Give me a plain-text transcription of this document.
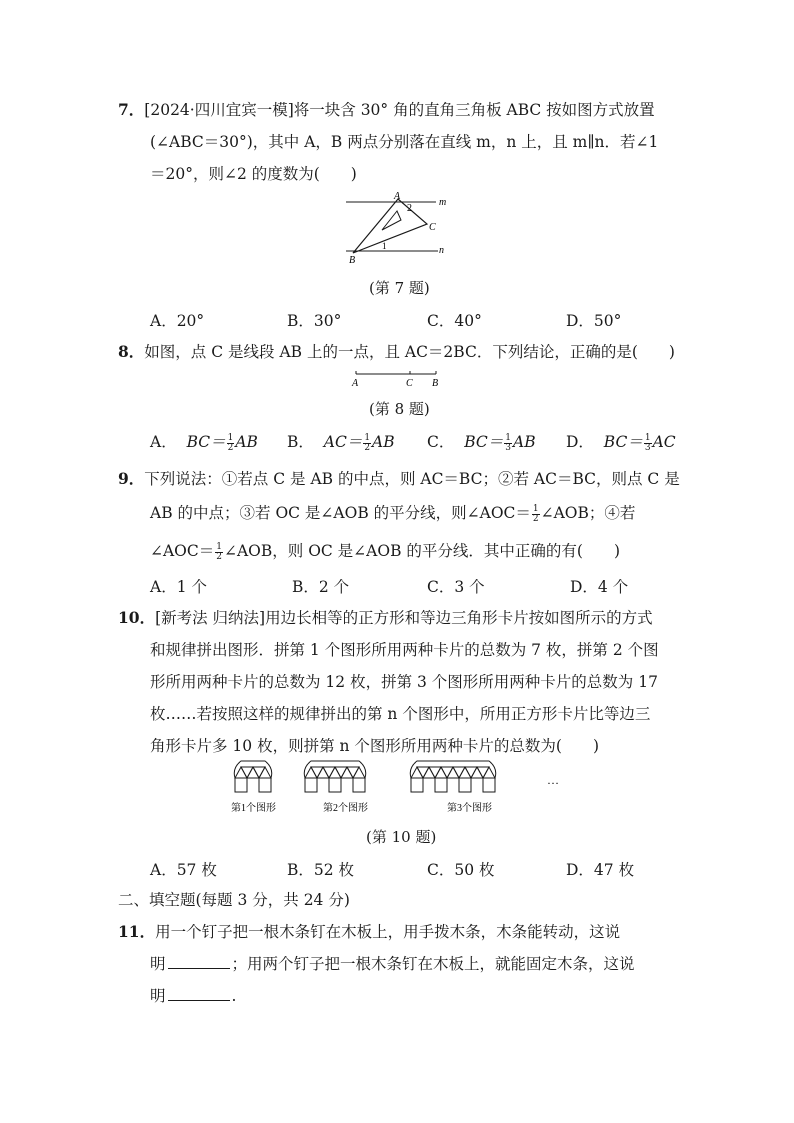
7．[2024·四川宜宾一模]将一块含 30° 角的直角三角板 ABC 按如图方式放置
(∠ABC＝30°)，其中 A，B 两点分别落在直线 m，n 上，且 m∥n．若∠1
＝20°，则∠2 的度数为(　　)
A
2
m
C
1	n
B
(第 7 题)
A．20°	B．30°	C．40°	D．50°
8．如图，点 C 是线段 AB 上的一点，且 AC＝2BC．下列结论，正确的是(　　)
A	C B
(第 8 题)
A． $BC= \frac{1}{2}$ AB B． $AC= \frac{1}{2}$ AB C． $BC= \frac{1}{3}$ AB D． $BC= \frac{1}{3}$ AC
9．下列说法：①若点 C 是 AB 的中点，则 AC＝BC；②若 AC＝BC，则点 C 是
AB 的中点；③若 OC 是∠AOB 的平分线，则∠AOC＝ $\frac{1}{2}$ ∠AOB；④若
∠AOC＝ $\frac{1}{2}$ ∠AOB，则 OC 是∠AOB 的平分线．其中正确的有(　　)
A．1 个	B．2 个	C．3 个	D．4 个
10．[新考法 归纳法]用边长相等的正方形和等边三角形卡片按如图所示的方式
和规律拼出图形．拼第 1 个图形所用两种卡片的总数为 7 枚，拼第 2 个图
形所用两种卡片的总数为 12 枚，拼第 3 个图形所用两种卡片的总数为 17
枚……若按照这样的规律拼出的第 n 个图形中，所用正方形卡片比等边三
角形卡片多 10 枚，则拼第 n 个图形所用两种卡片的总数为(　　)
…
第1个图形	第2个图形	第3个图形
(第 10 题)
A．57 枚	B．52 枚	C．50 枚	D．47 枚
二、填空题(每题 3 分，共 24 分)
11．用一个钉子把一根木条钉在木板上，用手拨木条，木条能转动，这说
明	；用两个钉子把一根木条钉在木板上，就能固定木条，这说
明	.
